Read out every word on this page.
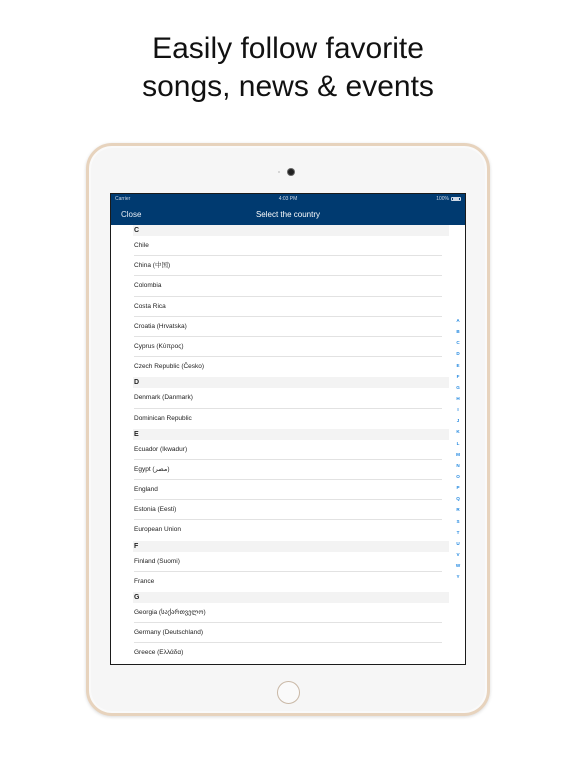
Easily follow favorite
songs, news & events
Carrier	4:03 PM	100%
Close	Select the country
C
Chile
China (中国)
Colombia
Costa Rica
Croatia (Hrvatska)
Cyprus (Κύπρος)
Czech Republic (Česko)
D
Denmark (Danmark)
Dominican Republic
E
Ecuador (Ikwadur)
Egypt (مصر)
England
Estonia (Eesti)
European Union
F
Finland (Suomi)
France
G
Georgia (საქართველო)
Germany (Deutschland)
Greece (Ελλάδα)
A
B
C
D
E
F
G
H
I
J
K
L
M
N
O
P
Q
R
S
T
U
V
W
Y
